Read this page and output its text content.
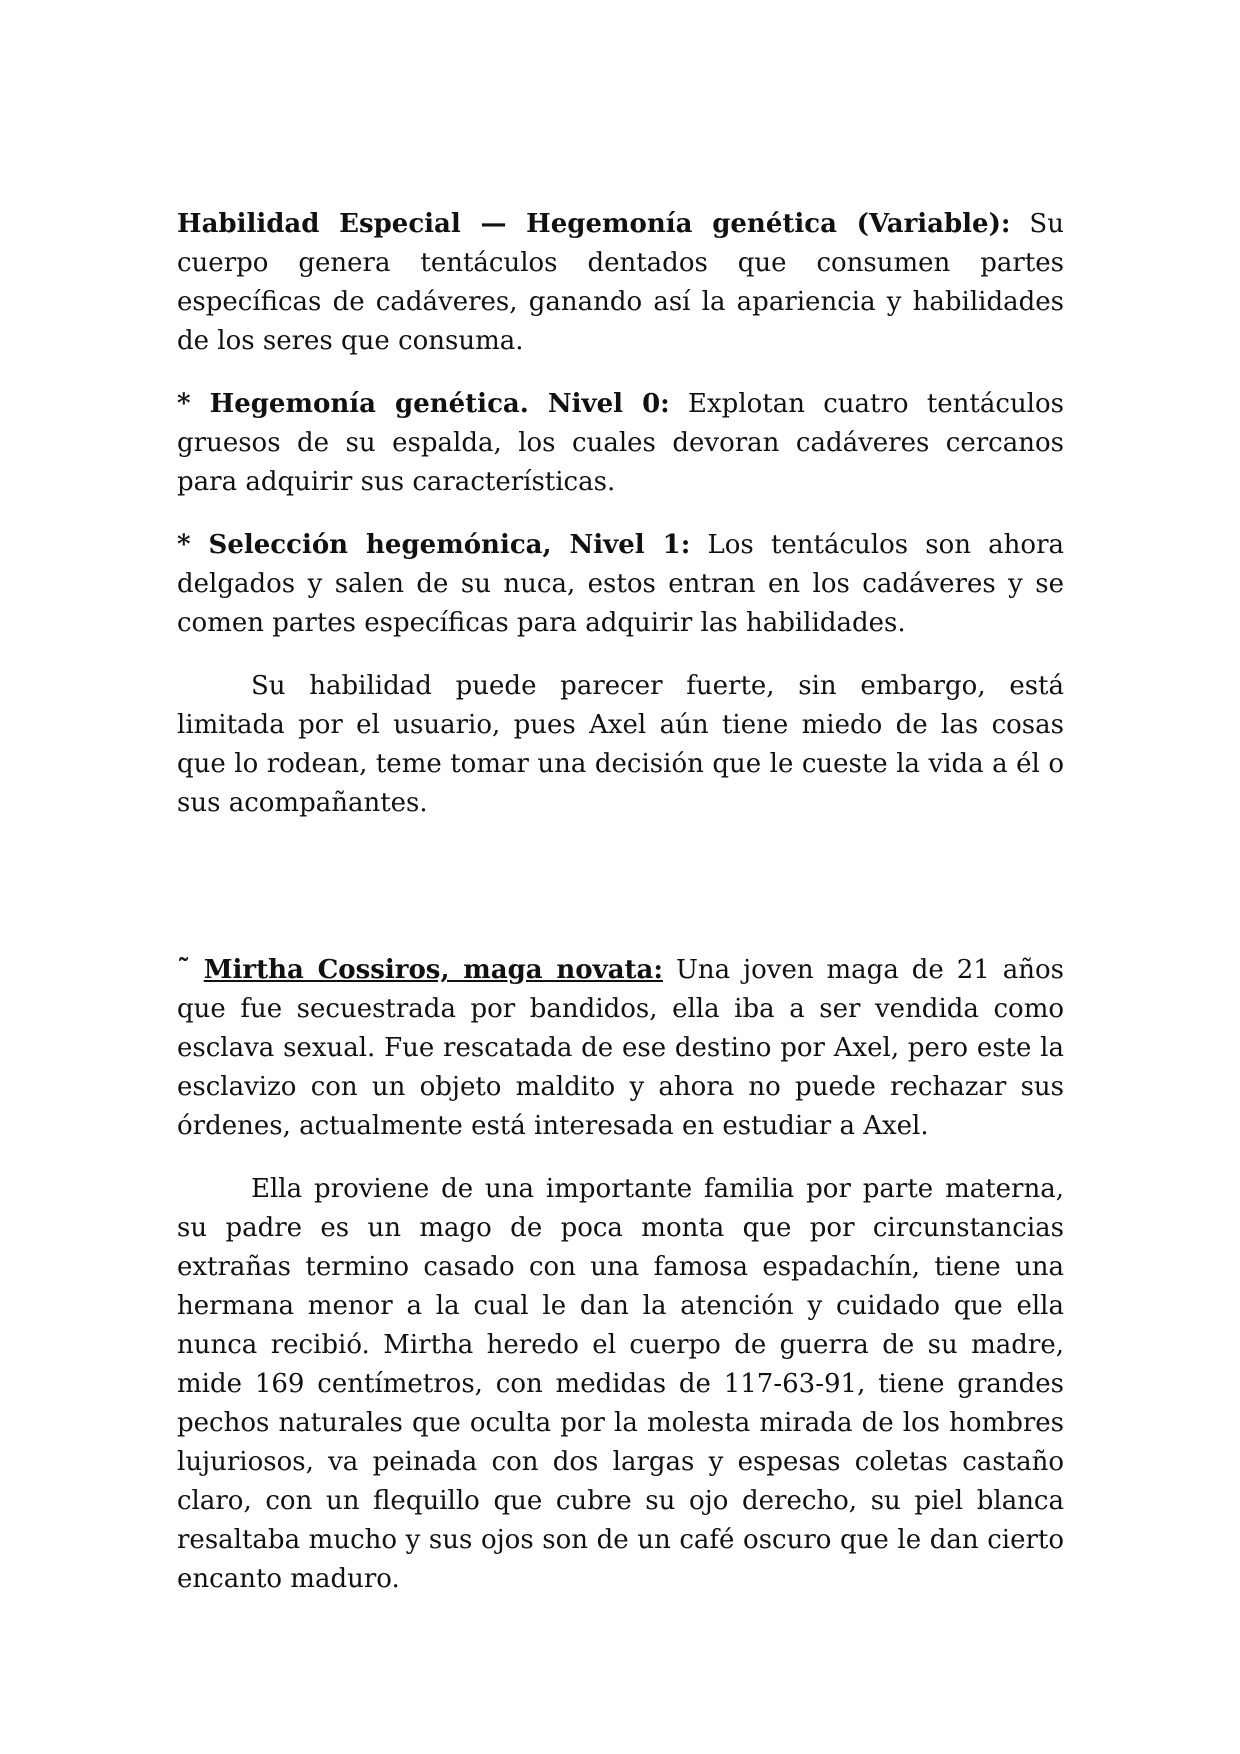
Habilidad Especial — Hegemonía genética (Variable): Su cuerpo genera tentáculos dentados que consumen partes específicas de cadáveres, ganando así la apariencia y habilidades de los seres que consuma.

* Hegemonía genética. Nivel 0: Explotan cuatro tentáculos gruesos de su espalda, los cuales devoran cadáveres cercanos para adquirir sus características.

* Selección hegemónica, Nivel 1: Los tentáculos son ahora delgados y salen de su nuca, estos entran en los cadáveres y se comen partes específicas para adquirir las habilidades.

Su habilidad puede parecer fuerte, sin embargo, está limitada por el usuario, pues Axel aún tiene miedo de las cosas que lo rodean, teme tomar una decisión que le cueste la vida a él o sus acompañantes.

˜ Mirtha Cossiros, maga novata: Una joven maga de 21 años que fue secuestrada por bandidos, ella iba a ser vendida como esclava sexual. Fue rescatada de ese destino por Axel, pero este la esclavizo con un objeto maldito y ahora no puede rechazar sus órdenes, actualmente está interesada en estudiar a Axel.

Ella proviene de una importante familia por parte materna, su padre es un mago de poca monta que por circunstancias extrañas termino casado con una famosa espadachín, tiene una hermana menor a la cual le dan la atención y cuidado que ella nunca recibió. Mirtha heredo el cuerpo de guerra de su madre, mide 169 centímetros, con medidas de 117-63-91, tiene grandes pechos naturales que oculta por la molesta mirada de los hombres lujuriosos, va peinada con dos largas y espesas coletas castaño claro, con un flequillo que cubre su ojo derecho, su piel blanca resaltaba mucho y sus ojos son de un café oscuro que le dan cierto encanto maduro.
